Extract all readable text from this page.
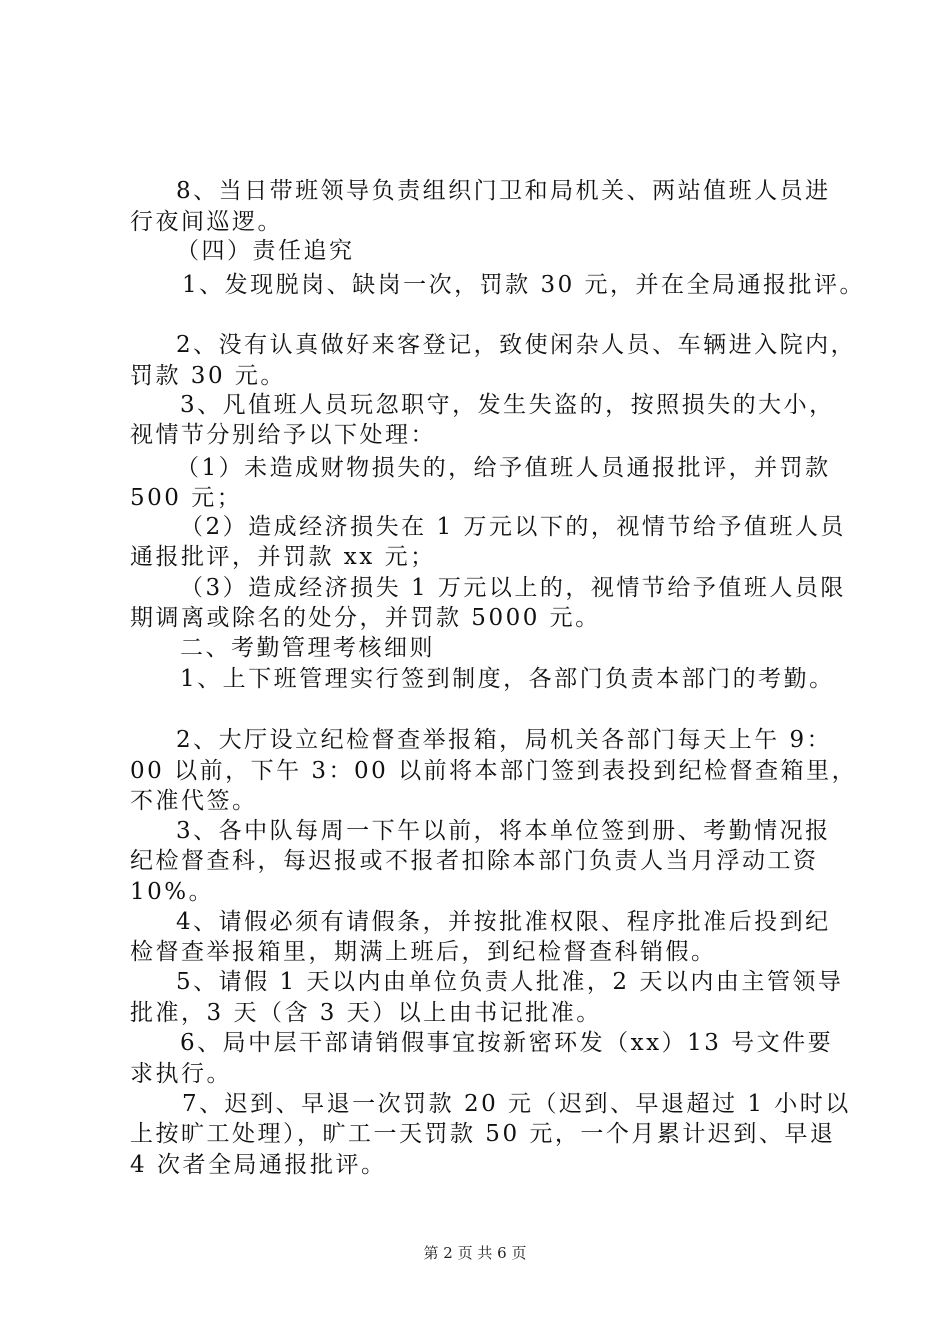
8、当日带班领导负责组织门卫和局机关、两站值班人员进
行夜间巡逻。
（四）责任追究
1、发现脱岗、缺岗一次，罚款 30 元，并在全局通报批评。
2、没有认真做好来客登记，致使闲杂人员、车辆进入院内，
罚款 30 元。
3、凡值班人员玩忽职守，发生失盗的，按照损失的大小，
视情节分别给予以下处理：
（1）未造成财物损失的，给予值班人员通报批评，并罚款
500 元；
（2）造成经济损失在 1 万元以下的，视情节给予值班人员
通报批评，并罚款 xx 元；
（3）造成经济损失 1 万元以上的，视情节给予值班人员限
期调离或除名的处分，并罚款 5000 元。
二、考勤管理考核细则
1、上下班管理实行签到制度，各部门负责本部门的考勤。
2、大厅设立纪检督查举报箱，局机关各部门每天上午 9：
00 以前，下午 3：00 以前将本部门签到表投到纪检督查箱里，
不准代签。
3、各中队每周一下午以前，将本单位签到册、考勤情况报
纪检督查科，每迟报或不报者扣除本部门负责人当月浮动工资
10%。
4、请假必须有请假条，并按批准权限、程序批准后投到纪
检督查举报箱里，期满上班后，到纪检督查科销假。
5、请假 1 天以内由单位负责人批准，2 天以内由主管领导
批准，3 天（含 3 天）以上由书记批准。
6、局中层干部请销假事宜按新密环发（xx）13 号文件要
求执行。
7、迟到、早退一次罚款 20 元（迟到、早退超过 1 小时以
上按旷工处理），旷工一天罚款 50 元，一个月累计迟到、早退
4 次者全局通报批评。
第 2 页 共 6 页
